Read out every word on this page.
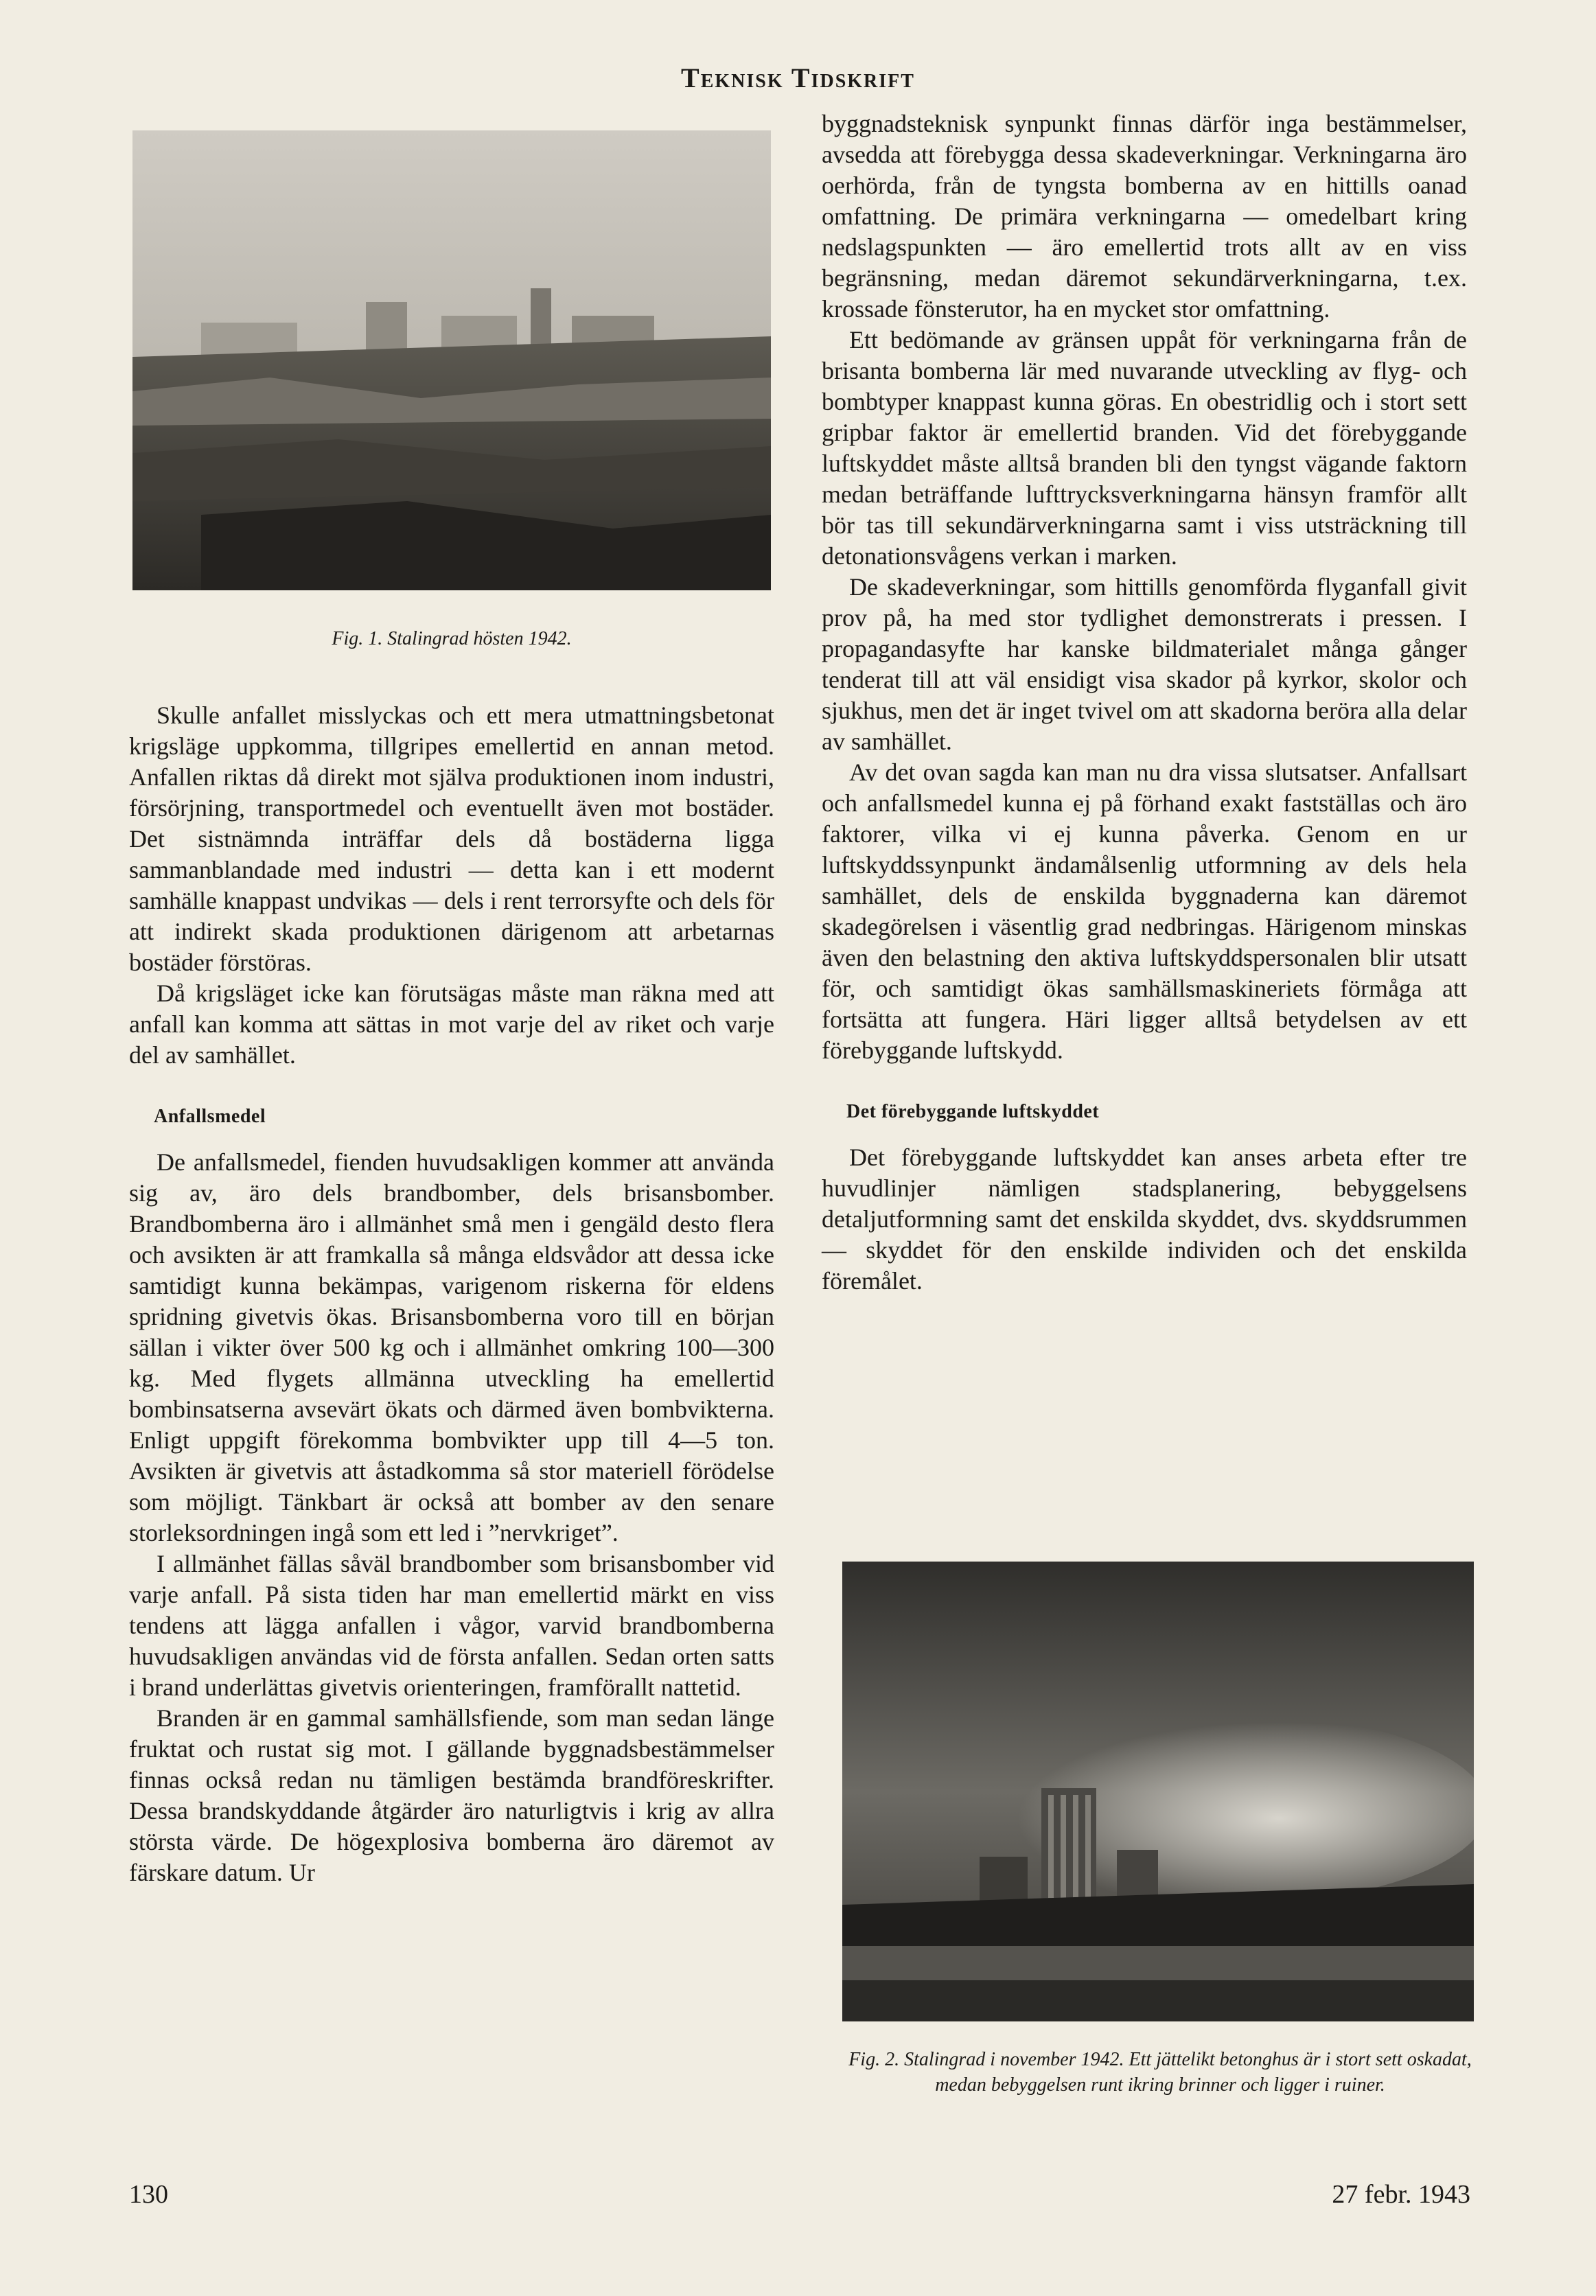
Teknisk Tidskrift
Fig. 1. Stalingrad hösten 1942.

Skulle anfallet misslyckas och ett mera utmattningsbetonat krigsläge uppkomma, tillgripes emellertid en annan metod. Anfallen riktas då direkt mot själva produktionen inom industri, försörjning, transportmedel och eventuellt även mot bostäder. Det sistnämnda inträffar dels då bostäderna ligga sammanblandade med industri — detta kan i ett modernt samhälle knappast undvikas — dels i rent terrorsyfte och dels för att indirekt skada produktionen därigenom att arbetarnas bostäder förstöras.

Då krigsläget icke kan förutsägas måste man räkna med att anfall kan komma att sättas in mot varje del av riket och varje del av samhället.

Anfallsmedel

De anfallsmedel, fienden huvudsakligen kommer att använda sig av, äro dels brandbomber, dels brisansbomber. Brandbomberna äro i allmänhet små men i gengäld desto flera och avsikten är att framkalla så många eldsvådor att dessa icke samtidigt kunna bekämpas, varigenom riskerna för eldens spridning givetvis ökas. Brisansbomberna voro till en början sällan i vikter över 500 kg och i allmänhet omkring 100—300 kg. Med flygets allmänna utveckling ha emellertid bombinsatserna avsevärt ökats och därmed även bombvikterna. Enligt uppgift förekomma bombvikter upp till 4—5 ton. Avsikten är givetvis att åstadkomma så stor materiell förödelse som möjligt. Tänkbart är också att bomber av den senare storleksordningen ingå som ett led i ”nervkriget”.

I allmänhet fällas såväl brandbomber som brisansbomber vid varje anfall. På sista tiden har man emellertid märkt en viss tendens att lägga anfallen i vågor, varvid brandbomberna huvudsakligen användas vid de första anfallen. Sedan orten satts i brand underlättas givetvis orienteringen, framförallt nattetid.

Branden är en gammal samhällsfiende, som man sedan länge fruktat och rustat sig mot. I gällande byggnadsbestämmelser finnas också redan nu tämligen bestämda brandföreskrifter. Dessa brandskyddande åtgärder äro naturligtvis i krig av allra största värde. De högexplosiva bomberna äro däremot av färskare datum. Ur

byggnadsteknisk synpunkt finnas därför inga bestämmelser, avsedda att förebygga dessa skadeverkningar. Verkningarna äro oerhörda, från de tyngsta bomberna av en hittills oanad omfattning. De primära verkningarna — omedelbart kring nedslagspunkten — äro emellertid trots allt av en viss begränsning, medan däremot sekundärverkningarna, t.ex. krossade fönsterutor, ha en mycket stor omfattning.

Ett bedömande av gränsen uppåt för verkningarna från de brisanta bomberna lär med nuvarande utveckling av flyg- och bombtyper knappast kunna göras. En obestridlig och i stort sett gripbar faktor är emellertid branden. Vid det förebyggande luftskyddet måste alltså branden bli den tyngst vägande faktorn medan beträffande lufttrycksverkningarna hänsyn framför allt bör tas till sekundärverkningarna samt i viss utsträckning till detonationsvågens verkan i marken.

De skadeverkningar, som hittills genomförda flyganfall givit prov på, ha med stor tydlighet demonstrerats i pressen. I propagandasyfte har kanske bildmaterialet många gånger tenderat till att väl ensidigt visa skador på kyrkor, skolor och sjukhus, men det är inget tvivel om att skadorna beröra alla delar av samhället.

Av det ovan sagda kan man nu dra vissa slutsatser. Anfallsart och anfallsmedel kunna ej på förhand exakt fastställas och äro faktorer, vilka vi ej kunna påverka. Genom en ur luftskyddssynpunkt ändamålsenlig utformning av dels hela samhället, dels de enskilda byggnaderna kan däremot skadegörelsen i väsentlig grad nedbringas. Härigenom minskas även den belastning den aktiva luftskyddspersonalen blir utsatt för, och samtidigt ökas samhällsmaskineriets förmåga att fortsätta att fungera. Häri ligger alltså betydelsen av ett förebyggande luftskydd.

Det förebyggande luftskyddet

Det förebyggande luftskyddet kan anses arbeta efter tre huvudlinjer nämligen stadsplanering, bebyggelsens detaljutformning samt det enskilda skyddet, dvs. skyddsrummen — skyddet för den enskilde individen och det enskilda föremålet.

Fig. 2. Stalingrad i november 1942. Ett jättelikt betonghus är i stort sett oskadat, medan bebyggelsen runt ikring brinner och ligger i ruiner.
130	27 febr. 1943
